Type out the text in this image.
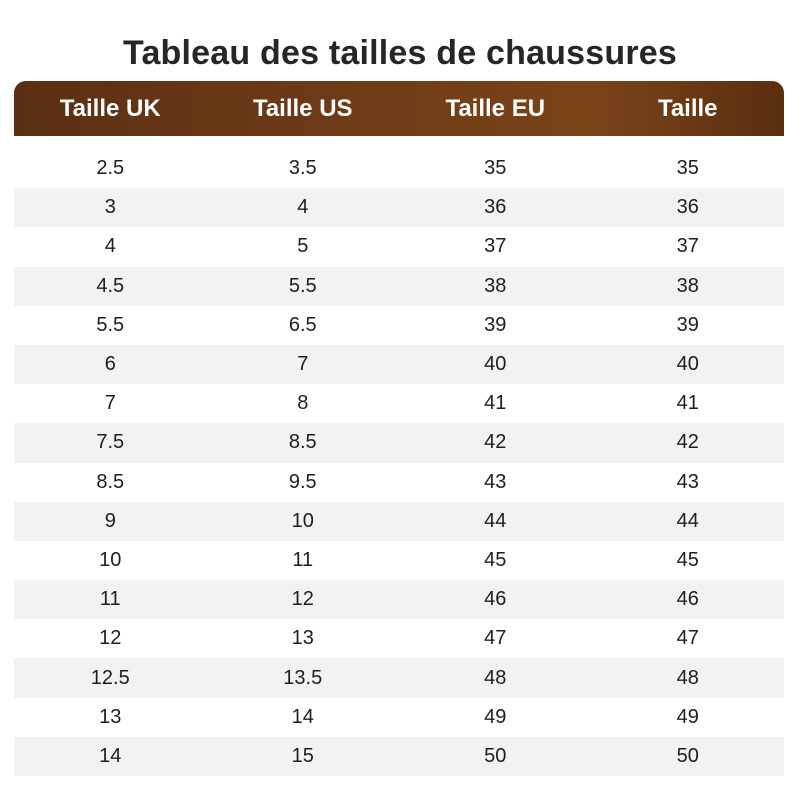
Tableau des tailles de chaussures
Taille UK	Taille US	Taille EU	Taille
2.5	3.5	35	35
3	4	36	36
4	5	37	37
4.5	5.5	38	38
5.5	6.5	39	39
6	7	40	40
7	8	41	41
7.5	8.5	42	42
8.5	9.5	43	43
9	10	44	44
10	11	45	45
11	12	46	46
12	13	47	47
12.5	13.5	48	48
13	14	49	49
14	15	50	50
